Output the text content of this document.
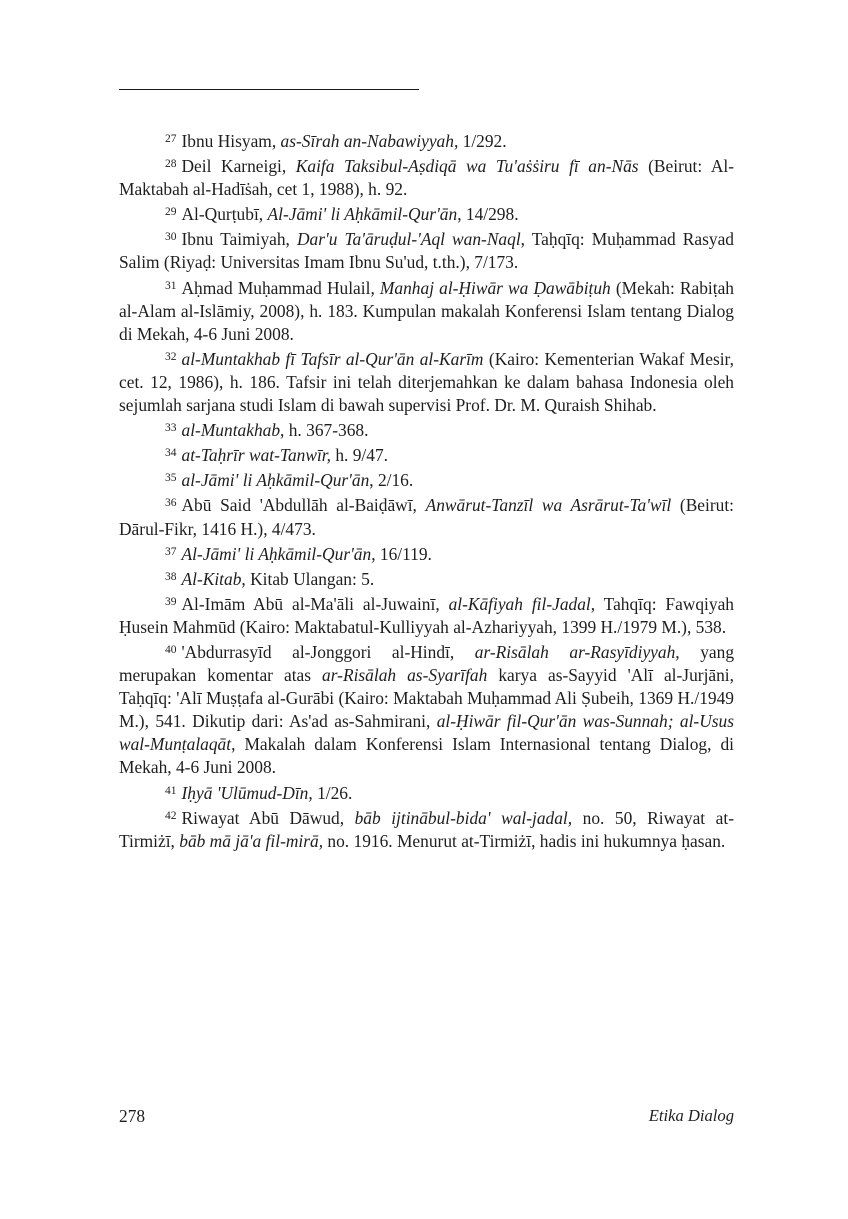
$^{27}$ Ibnu Hisyam, as-Sīrah an-Nabawiyyah, 1/292.

$^{28}$ Deil Karneigi, Kaifa Taksibul-Aṣdiqā wa Tu'aṡṡiru fī an-Nās (Beirut: Al-Maktabah al-Hadīṡah, cet 1, 1988), h. 92.

$^{29}$ Al-Qurṭubī, Al-Jāmi' li Aḥkāmil-Qur'ān, 14/298.

$^{30}$ Ibnu Taimiyah, Dar'u Ta'āruḍul-'Aql wan-Naql, Taḥqīq: Muḥammad Rasyad Salim (Riyaḍ: Universitas Imam Ibnu Su'ud, t.th.), 7/173.

$^{31}$ Aḥmad Muḥammad Hulail, Manhaj al-Ḥiwār wa Ḍawābiṭuh (Mekah: Rabiṭah al-Alam al-Islāmiy, 2008), h. 183. Kumpulan makalah Konferensi Islam tentang Dialog di Mekah, 4-6 Juni 2008.

$^{32}$ al-Muntakhab fī Tafsīr al-Qur'ān al-Karīm (Kairo: Kementerian Wakaf Mesir, cet. 12, 1986), h. 186. Tafsir ini telah diterjemahkan ke dalam bahasa Indonesia oleh sejumlah sarjana studi Islam di bawah supervisi Prof. Dr. M. Quraish Shihab.

$^{33}$ al-Muntakhab, h. 367-368.

$^{34}$ at-Taḥrīr wat-Tanwīr, h. 9/47.

$^{35}$ al-Jāmi' li Aḥkāmil-Qur'ān, 2/16.

$^{36}$ Abū Said 'Abdullāh al-Baiḍāwī, Anwārut-Tanzīl wa Asrārut-Ta'wīl (Beirut: Dārul-Fikr, 1416 H.), 4/473.

$^{37}$ Al-Jāmi' li Aḥkāmil-Qur'ān, 16/119.

$^{38}$ Al-Kitab, Kitab Ulangan: 5.

$^{39}$ Al-Imām Abū al-Ma'āli al-Juwainī, al-Kāfiyah fil-Jadal, Tahqīq: Fawqiyah Ḥusein Mahmūd (Kairo: Maktabatul-Kulliyyah al-Azhariyyah, 1399 H./1979 M.), 538.

$^{40}$ 'Abdurrasyīd al-Jonggori al-Hindī, ar-Risālah ar-Rasyīdiyyah, yang merupakan komentar atas ar-Risālah as-Syarīfah karya as-Sayyid 'Alī al-Jurjāni, Taḥqīq: 'Alī Muṣṭafa al-Gurābi (Kairo: Maktabah Muḥammad Ali Ṣubeih, 1369 H./1949 M.), 541. Dikutip dari: As'ad as-Sahmirani, al-Ḥiwār fil-Qur'ān was-Sunnah; al-Usus wal-Munṭalaqāt, Makalah dalam Konferensi Islam Internasional tentang Dialog, di Mekah, 4-6 Juni 2008.

$^{41}$ Iḥyā 'Ulūmud-Dīn, 1/26.

$^{42}$ Riwayat Abū Dāwud, bāb ijtinābul-bida' wal-jadal, no. 50, Riwayat at-Tirmiżī, bāb mā jā'a fil-mirā, no. 1916. Menurut at-Tirmiżī, hadis ini hukumnya ḥasan.

278	Etika Dialog
